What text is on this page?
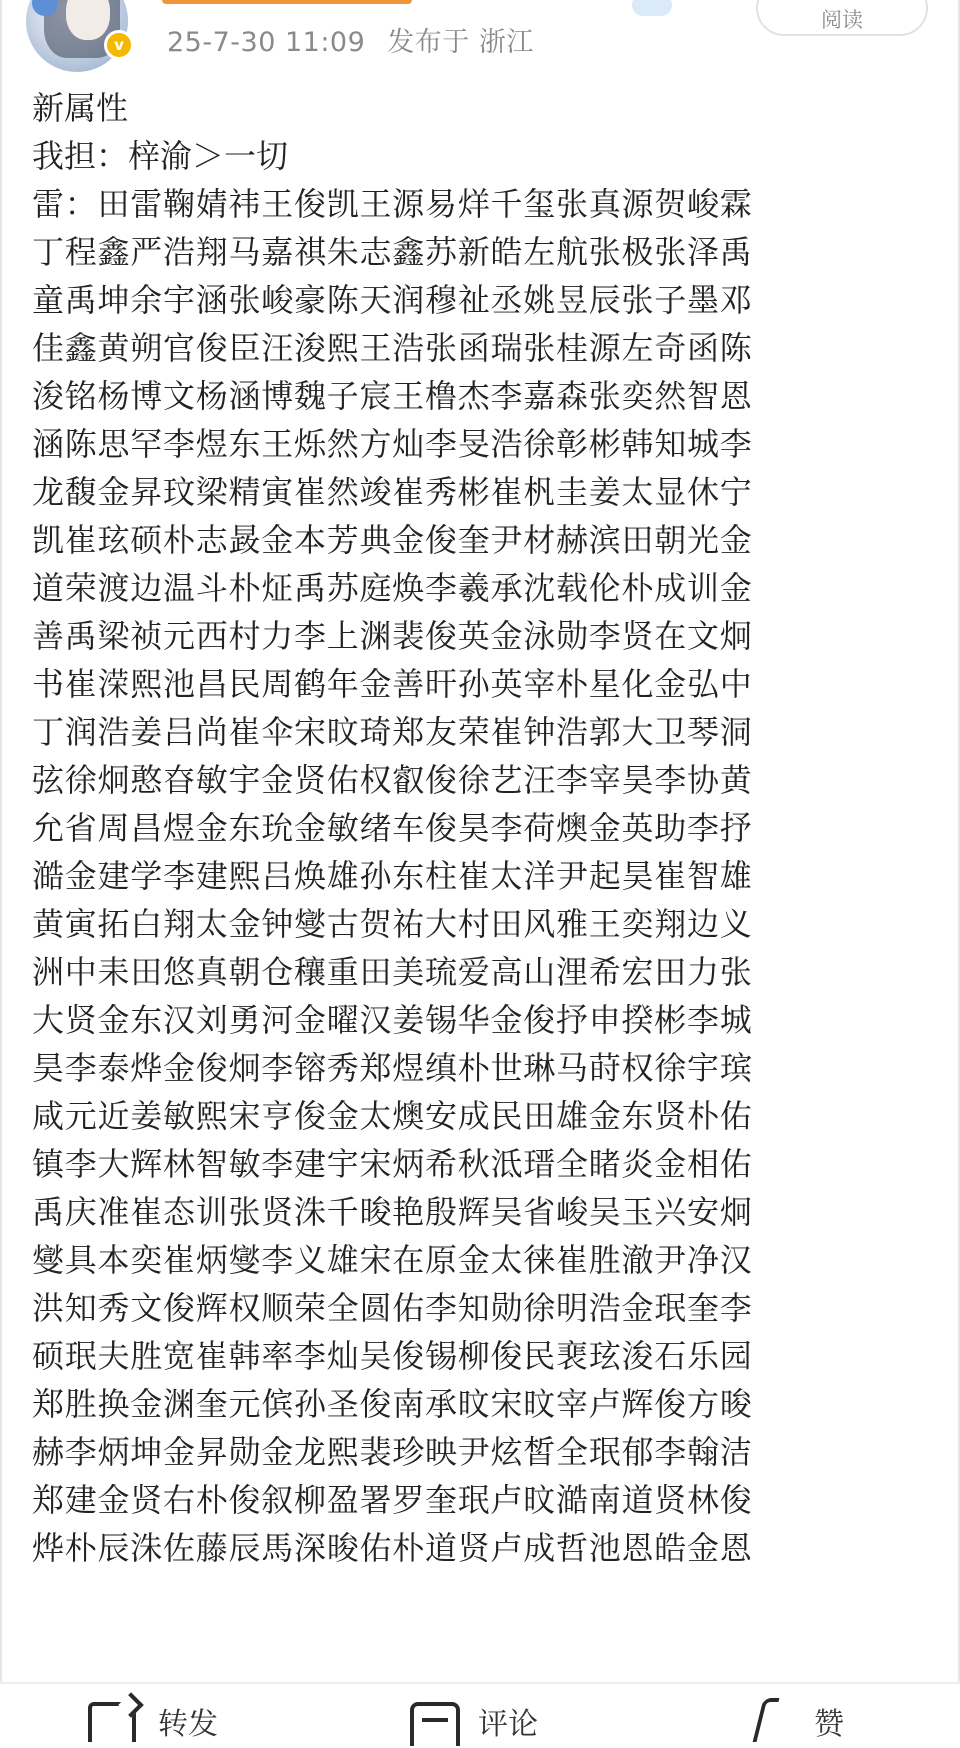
v	25-7-30 11:09 发布于 浙江
阅读
新属性
我担：梓渝＞一切
雷：田雷鞠婧祎王俊凯王源易烊千玺张真源贺峻霖
丁程鑫严浩翔马嘉祺朱志鑫苏新皓左航张极张泽禹
童禹坤余宇涵张峻豪陈天润穆祉丞姚昱辰张子墨邓
佳鑫黄朔官俊臣汪浚熙王浩张函瑞张桂源左奇函陈
浚铭杨博文杨涵博魏子宸王橹杰李嘉森张奕然智恩
涵陈思罕李煜东王烁然方灿李旻浩徐彰彬韩知城李
龙馥金昇玟梁精寅崔然竣崔秀彬崔杋圭姜太显休宁
凯崔玹硕朴志晸金本芳典金俊奎尹材赫滨田朝光金
道荣渡边温斗朴炡禹苏庭焕李羲承沈载伦朴成训金
善禹梁祯元西村力李上渊裴俊英金泳勋李贤在文炯
书崔溁熙池昌民周鹤年金善旰孙英宰朴星化金弘中
丁润浩姜吕尚崔伞宋旼琦郑友荣崔钟浩郭大卫琴洞
弦徐炯憨昚敏宇金贤佑权叡俊徐艺汪李宰昊李协黄
允省周昌煜金东玧金敏绪车俊昊李荷燠金英助李抒
澔金建学李建熙吕焕雄孙东柱崔太洋尹起昊崔智雄
黄寅拓白翔太金钟燮古贺祐大村田风雅王奕翔边义
洲中耒田悠真朝仓穰重田美琉爱高山浬希宏田力张
大贤金东汉刘勇河金曜汉姜锡华金俊抒申揆彬李城
昊李泰烨金俊炯李镕秀郑煜缜朴世琳马莳权徐宇瑸
咸元近姜敏熙宋亨俊金太燠安成民田雄金东贤朴佑
镇李大辉林智敏李建宇宋炳希秋泜瑨全睹炎金相佑
禹庆准崔态训张贤洙千晙艳殷辉吴省峻吴玉兴安炯
燮具本奕崔炳燮李义雄宋在原金太徕崔胜澈尹净汉
洪知秀文俊辉权顺荣全圆佑李知勋徐明浩金珉奎李
硕珉夫胜宽崔韩率李灿吴俊锡柳俊民裵玹浚石乐园
郑胜换金渊奎元傧孙圣俊南承旼宋旼宰卢辉俊方晙
赫李炳坤金昇勋金龙熙裴珍映尹炫皙全珉郁李翰洁
郑建金贤右朴俊叙柳盈署罗奎珉卢旼澔南道贤林俊
烨朴辰洙佐藤辰馬深晙佑朴道贤卢成哲池恩皓金恩
转发	评论	赞
